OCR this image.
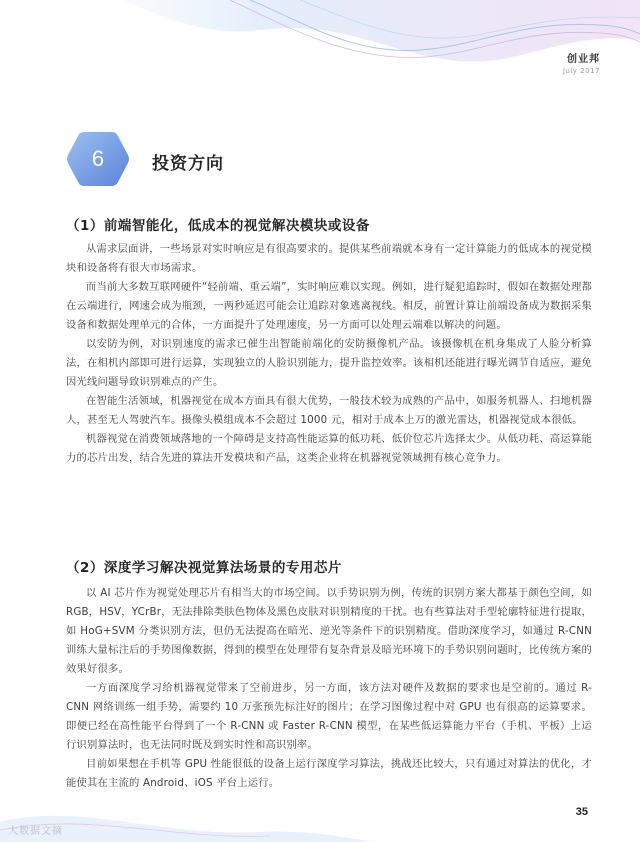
创业邦
July 2017
6	投资方向
（1）前端智能化，低成本的视觉解决模块或设备

从需求层面讲，一些场景对实时响应是有很高要求的。提供某些前端就本身有一定计算能力的低成本的视觉模块和设备将有很大市场需求。

而当前大多数互联网硬件“轻前端、重云端”，实时响应难以实现。例如，进行疑犯追踪时，假如在数据处理都在云端进行，网速会成为瓶颈，一两秒延迟可能会让追踪对象逃离视线。相反，前置计算让前端设备成为数据采集设备和数据处理单元的合体，一方面提升了处理速度，另一方面可以处理云端难以解决的问题。

以安防为例，对识别速度的需求已催生出智能前端化的安防摄像机产品。该摄像机在机身集成了人脸分析算法，在相机内部即可进行运算，实现独立的人脸识别能力，提升监控效率。该相机还能进行曝光调节自适应，避免因光线问题导致识别难点的产生。

在智能生活领域，机器视觉在成本方面具有很大优势，一般技术较为成熟的产品中，如服务机器人、扫地机器人，甚至无人驾驶汽车。摄像头模组成本不会超过 1000 元，相对于成本上万的激光雷达，机器视觉成本很低。

机器视觉在消费领域落地的一个障碍是支持高性能运算的低功耗、低价位芯片选择太少。从低功耗、高运算能力的芯片出发，结合先进的算法开发模块和产品，这类企业将在机器视觉领域拥有核心竞争力。

（2）深度学习解决视觉算法场景的专用芯片

以 AI 芯片作为视觉处理芯片有相当大的市场空间。以手势识别为例，传统的识别方案大都基于颜色空间，如 RGB，HSV，YCrBr，无法排除类肤色物体及黑色皮肤对识别精度的干扰。也有些算法对手型轮廓特征进行提取，如 HoG+SVM 分类识别方法，但仍无法提高在暗光、逆光等条件下的识别精度。借助深度学习，如通过 R-CNN 训练大量标注后的手势图像数据，得到的模型在处理带有复杂背景及暗光环境下的手势识别问题时，比传统方案的效果好很多。

一方面深度学习给机器视觉带来了空前进步，另一方面，该方法对硬件及数据的要求也是空前的。通过 R-CNN 网络训练一组手势，需要约 10 万张预先标注好的图片；在学习图像过程中对 GPU 也有很高的运算要求。即便已经在高性能平台得到了一个 R-CNN 或 Faster R-CNN 模型，在某些低运算能力平台（手机、平板）上运行识别算法时，也无法同时既及到实时性和高识别率。

目前如果想在手机等 GPU 性能很低的设备上运行深度学习算法，挑战还比较大，只有通过对算法的优化，才能使其在主流的 Android、iOS 平台上运行。

35
大数据文摘
